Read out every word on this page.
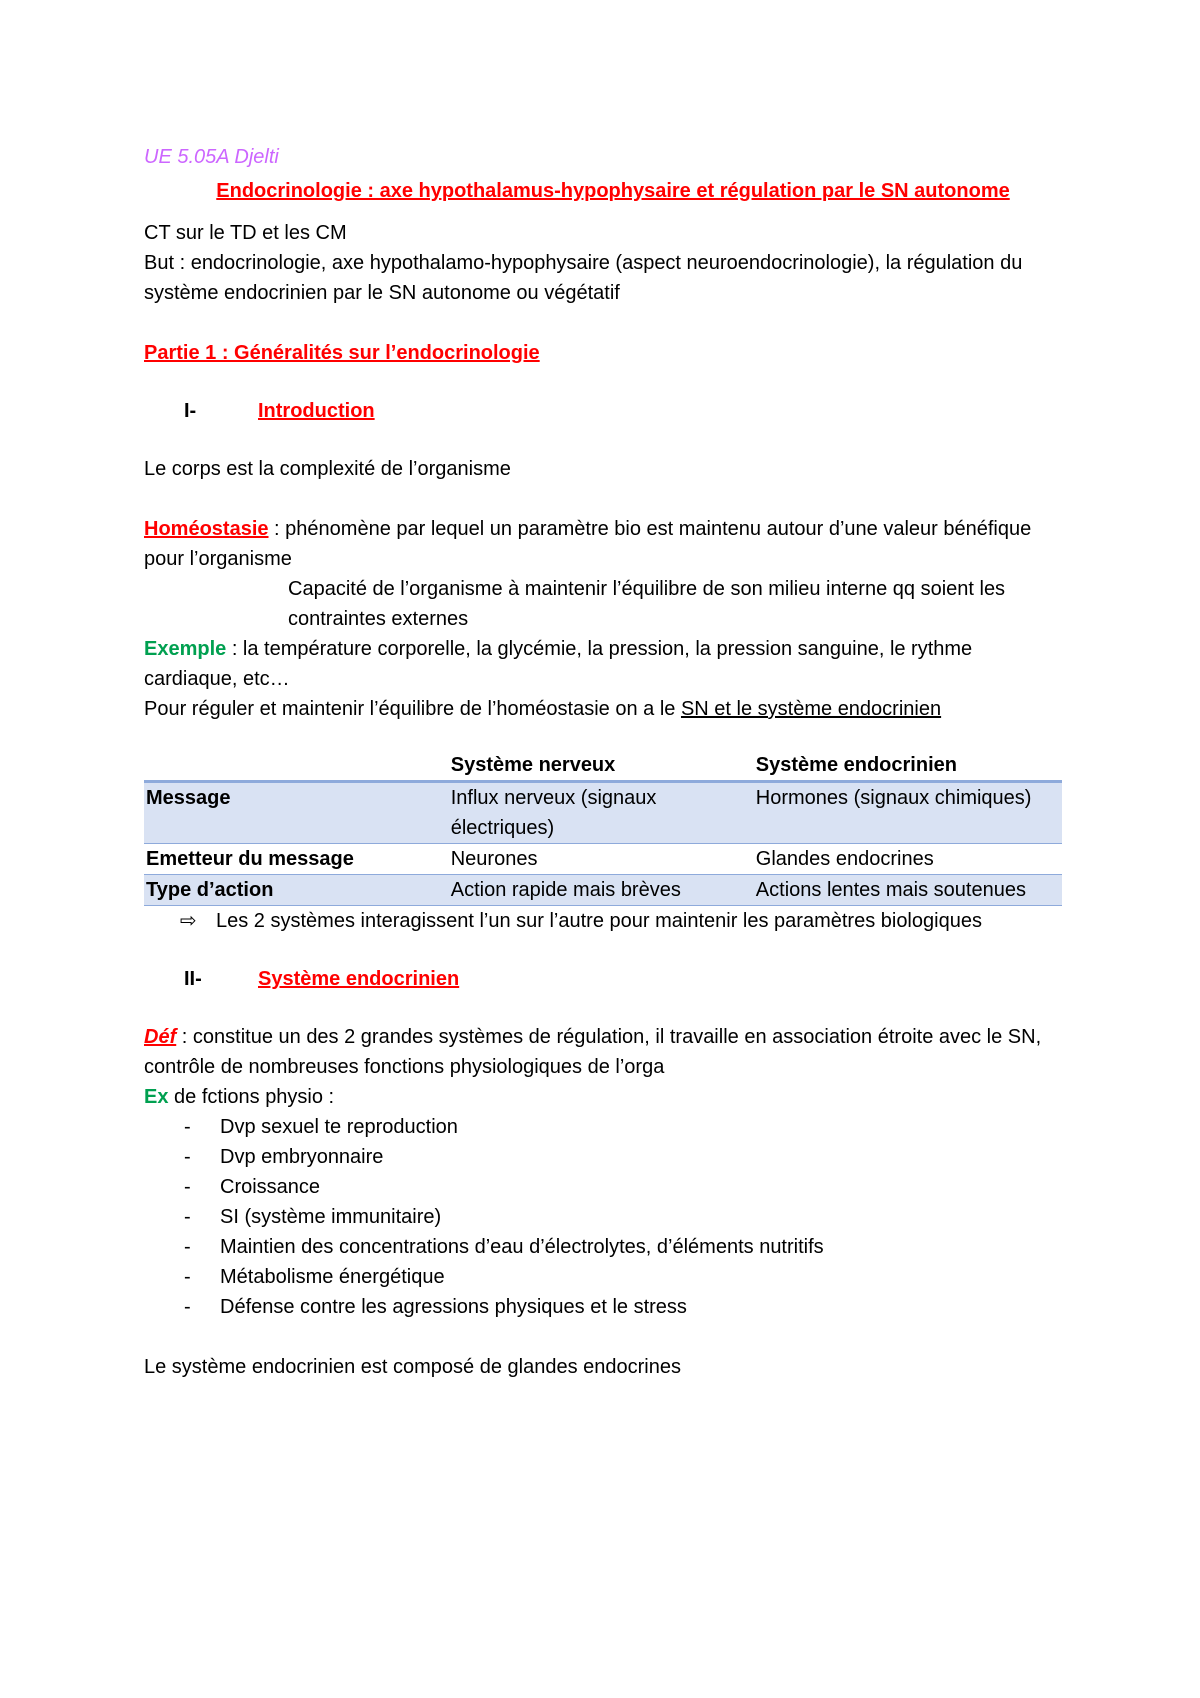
UE 5.05A Djelti
Endocrinologie : axe hypothalamus-hypophysaire et régulation par le SN autonome

CT sur le TD et les CM

But : endocrinologie, axe hypothalamo-hypophysaire (aspect neuroendocrinologie), la régulation du système endocrinien par le SN autonome ou végétatif

Partie 1 : Généralités sur l’endocrinologie
I-	Introduction

Le corps est la complexité de l’organisme

Homéostasie : phénomène par lequel un paramètre bio est maintenu autour d’une valeur bénéfique pour l’organisme

Capacité de l’organisme à maintenir l’équilibre de son milieu interne qq soient les contraintes externes

Exemple : la température corporelle, la glycémie, la pression, la pression sanguine, le rythme cardiaque, etc…

Pour réguler et maintenir l’équilibre de l’homéostasie on a le SN et le système endocrinien

	Système nerveux	Système endocrinien
Message	Influx nerveux (signaux électriques)	Hormones (signaux chimiques)
Emetteur du message	Neurones	Glandes endocrines
Type d’action	Action rapide mais brèves	Actions lentes mais soutenues
⇨ Les 2 systèmes interagissent l’un sur l’autre pour maintenir les paramètres biologiques
II-	Système endocrinien

Déf : constitue un des 2 grandes systèmes de régulation, il travaille en association étroite avec le SN, contrôle de nombreuses fonctions physiologiques de l’orga

Ex de fctions physio :

-	Dvp sexuel te reproduction
-	Dvp embryonnaire
-	Croissance
-	SI (système immunitaire)
-	Maintien des concentrations d’eau d’électrolytes, d’éléments nutritifs
-	Métabolisme énergétique
-	Défense contre les agressions physiques et le stress

Le système endocrinien est composé de glandes endocrines
